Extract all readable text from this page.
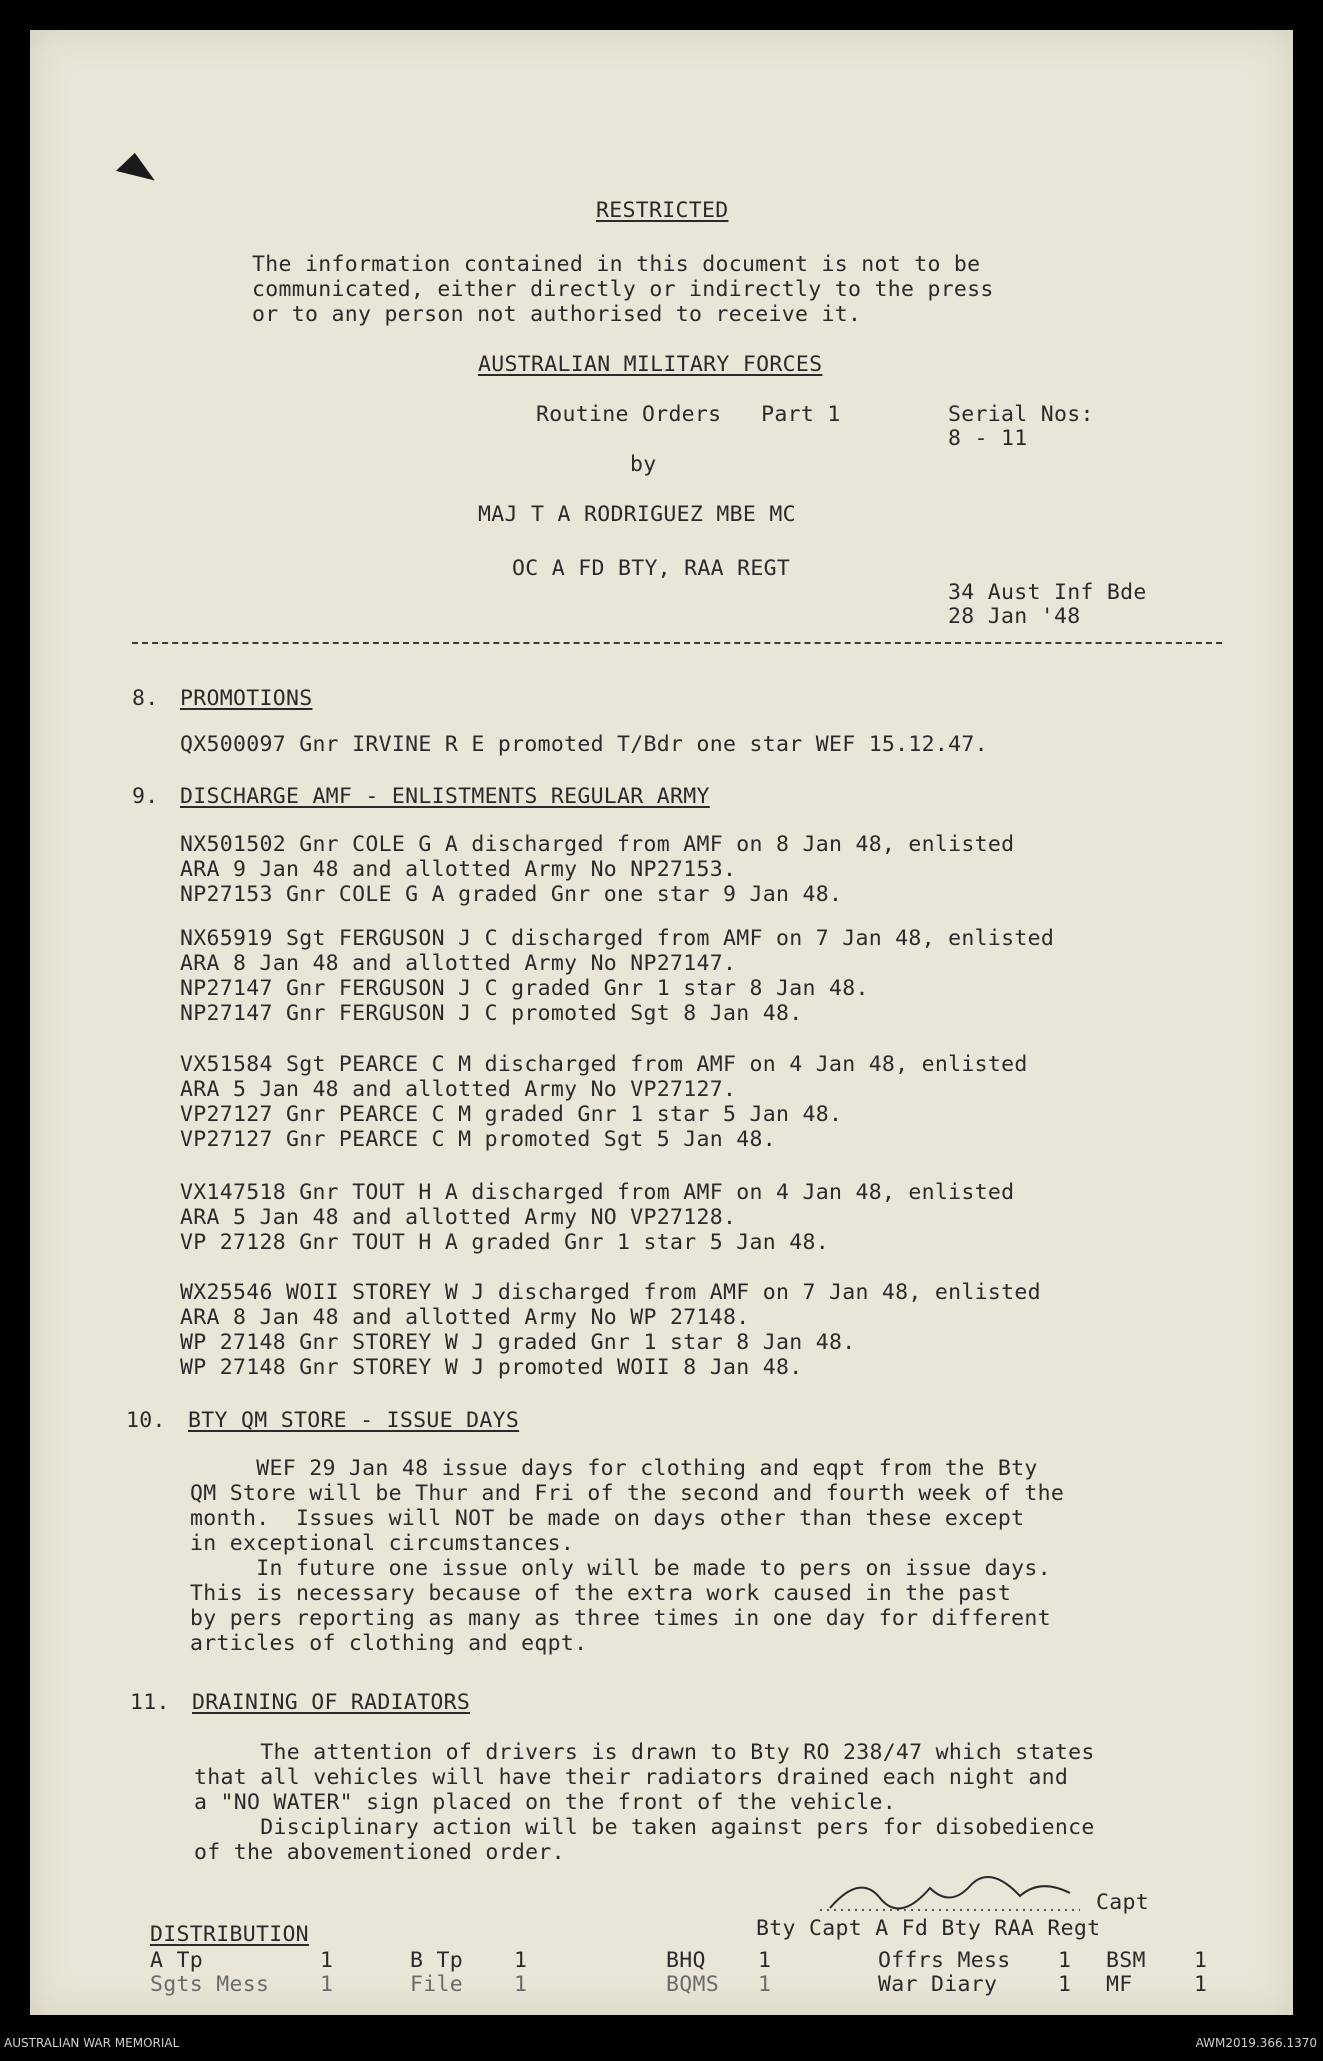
RESTRICTED
The information contained in this document is not to be
communicated, either directly or indirectly to the press
or to any person not authorised to receive it.
AUSTRALIAN MILITARY FORCES
Routine Orders   Part 1	Serial Nos:
8 - 11
by
MAJ T A RODRIGUEZ MBE MC
OC A FD BTY, RAA REGT
34 Aust Inf Bde
28 Jan '48
8. PROMOTIONS
QX500097 Gnr IRVINE R E promoted T/Bdr one star WEF 15.12.47.
9. DISCHARGE AMF - ENLISTMENTS REGULAR ARMY
NX501502 Gnr COLE G A discharged from AMF on 8 Jan 48, enlisted
ARA 9 Jan 48 and allotted Army No NP27153.
NP27153 Gnr COLE G A graded Gnr one star 9 Jan 48.
NX65919 Sgt FERGUSON J C discharged from AMF on 7 Jan 48, enlisted
ARA 8 Jan 48 and allotted Army No NP27147.
NP27147 Gnr FERGUSON J C graded Gnr 1 star 8 Jan 48.
NP27147 Gnr FERGUSON J C promoted Sgt 8 Jan 48.
VX51584 Sgt PEARCE C M discharged from AMF on 4 Jan 48, enlisted
ARA 5 Jan 48 and allotted Army No VP27127.
VP27127 Gnr PEARCE C M graded Gnr 1 star 5 Jan 48.
VP27127 Gnr PEARCE C M promoted Sgt 5 Jan 48.
VX147518 Gnr TOUT H A discharged from AMF on 4 Jan 48, enlisted
ARA 5 Jan 48 and allotted Army NO VP27128.
VP 27128 Gnr TOUT H A graded Gnr 1 star 5 Jan 48.
WX25546 WOII STOREY W J discharged from AMF on 7 Jan 48, enlisted
ARA 8 Jan 48 and allotted Army No WP 27148.
WP 27148 Gnr STOREY W J graded Gnr 1 star 8 Jan 48.
WP 27148 Gnr STOREY W J promoted WOII 8 Jan 48.
10. BTY QM STORE - ISSUE DAYS
WEF 29 Jan 48 issue days for clothing and eqpt from the Bty
QM Store will be Thur and Fri of the second and fourth week of the
month.  Issues will NOT be made on days other than these except
in exceptional circumstances.
In future one issue only will be made to pers on issue days.
This is necessary because of the extra work caused in the past
by pers reporting as many as three times in one day for different
articles of clothing and eqpt.
11. DRAINING OF RADIATORS
The attention of drivers is drawn to Bty RO 238/47 which states
that all vehicles will have their radiators drained each night and
a "NO WATER" sign placed on the front of the vehicle.
Disciplinary action will be taken against pers for disobedience
of the abovementioned order.
Capt
Bty Capt A Fd Bty RAA Regt
DISTRIBUTION
A Tp	1	B Tp 1	BHQ 1	Offrs Mess 1 BSM 1
Sgts Mess 1	File 1	BQMS 1	War Diary	1 MF	1
AUSTRALIAN WAR MEMORIAL	AWM2019.366.1370
